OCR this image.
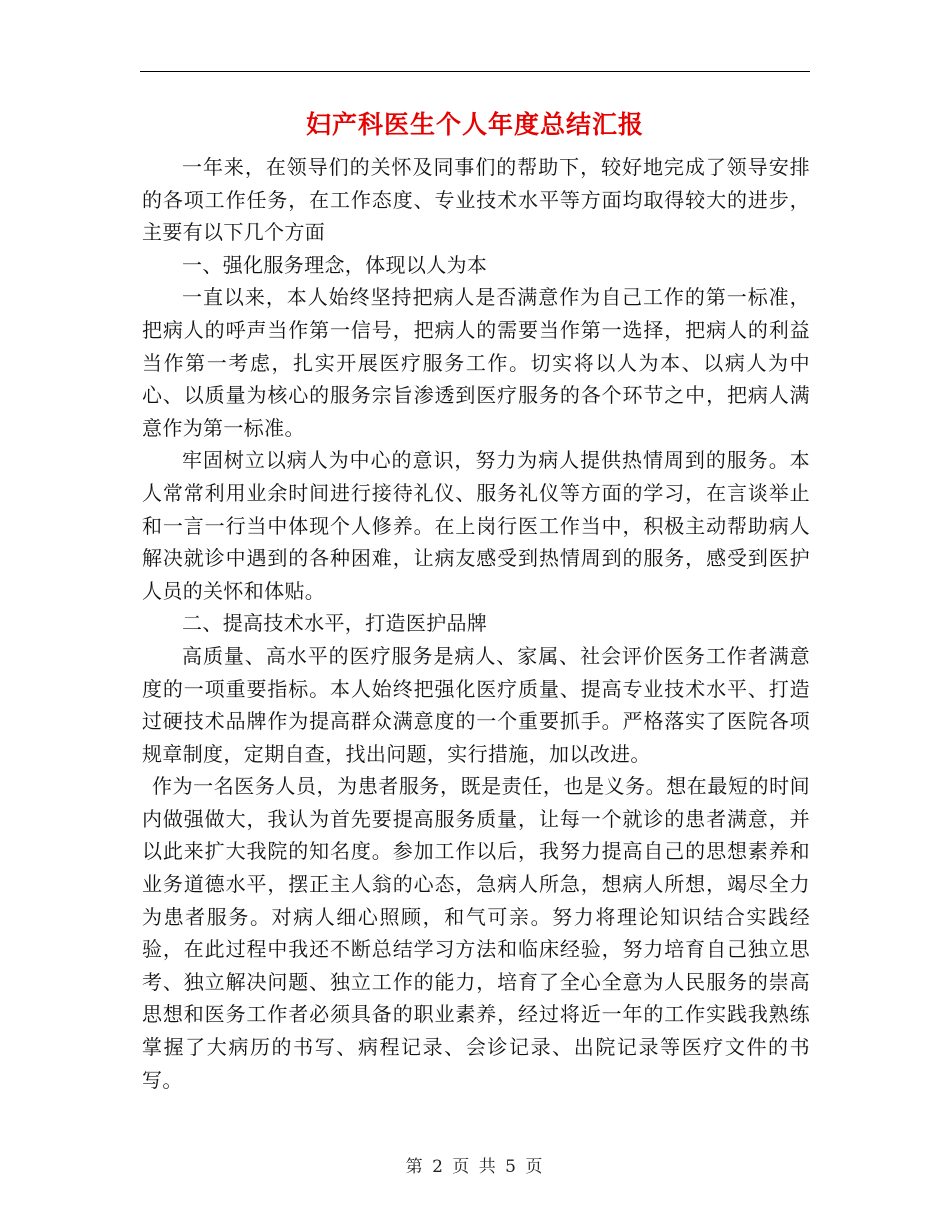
妇产科医生个人年度总结汇报

一年来，在领导们的关怀及同事们的帮助下，较好地完成了领导安排的各项工作任务，在工作态度、专业技术水平等方面均取得较大的进步，主要有以下几个方面

一、强化服务理念，体现以人为本

一直以来，本人始终坚持把病人是否满意作为自己工作的第一标准，把病人的呼声当作第一信号，把病人的需要当作第一选择，把病人的利益当作第一考虑，扎实开展医疗服务工作。切实将以人为本、以病人为中心、以质量为核心的服务宗旨渗透到医疗服务的各个环节之中，把病人满意作为第一标准。

牢固树立以病人为中心的意识，努力为病人提供热情周到的服务。本人常常利用业余时间进行接待礼仪、服务礼仪等方面的学习，在言谈举止和一言一行当中体现个人修养。在上岗行医工作当中，积极主动帮助病人解决就诊中遇到的各种困难，让病友感受到热情周到的服务，感受到医护人员的关怀和体贴。

二、提高技术水平，打造医护品牌

高质量、高水平的医疗服务是病人、家属、社会评价医务工作者满意度的一项重要指标。本人始终把强化医疗质量、提高专业技术水平、打造过硬技术品牌作为提高群众满意度的一个重要抓手。严格落实了医院各项规章制度，定期自查，找出问题，实行措施，加以改进。

作为一名医务人员，为患者服务，既是责任，也是义务。想在最短的时间内做强做大，我认为首先要提高服务质量，让每一个就诊的患者满意，并以此来扩大我院的知名度。参加工作以后，我努力提高自己的思想素养和业务道德水平，摆正主人翁的心态，急病人所急，想病人所想，竭尽全力为患者服务。对病人细心照顾，和气可亲。努力将理论知识结合实践经验，在此过程中我还不断总结学习方法和临床经验，努力培育自己独立思考、独立解决问题、独立工作的能力，培育了全心全意为人民服务的崇高思想和医务工作者必须具备的职业素养，经过将近一年的工作实践我熟练掌握了大病历的书写、病程记录、会诊记录、出院记录等医疗文件的书写。

第 2 页 共 5 页
